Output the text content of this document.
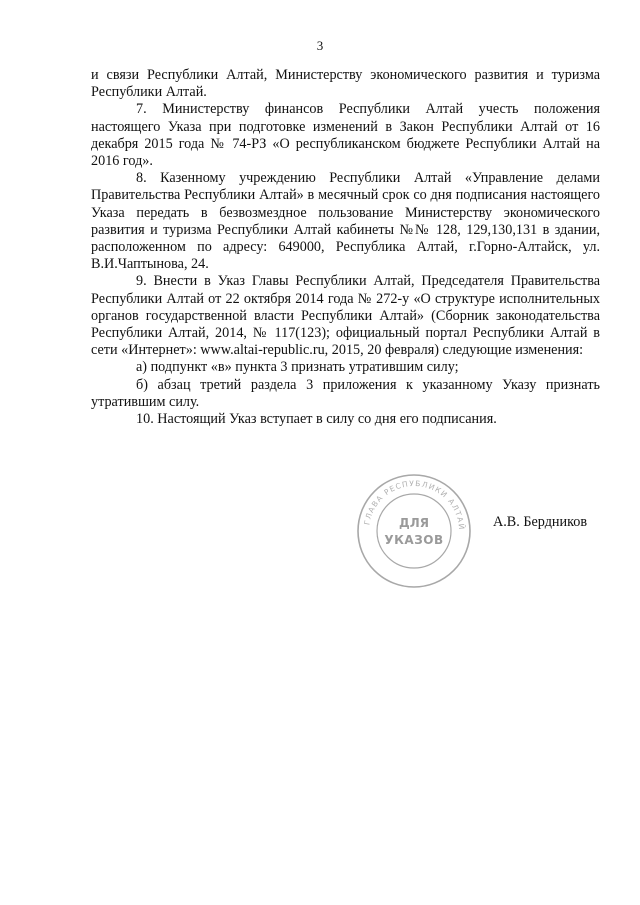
3

и связи Республики Алтай, Министерству экономического развития и туризма Республики Алтай.

7. Министерству финансов Республики Алтай учесть положения настоящего Указа при подготовке изменений в Закон Республики Алтай от 16 декабря 2015 года № 74-РЗ «О республиканском бюджете Республики Алтай на 2016 год».

8. Казенному учреждению Республики Алтай «Управление делами Правительства Республики Алтай» в месячный срок со дня подписания настоящего Указа передать в безвозмездное пользование Министерству экономического развития и туризма Республики Алтай кабинеты №№ 128, 129,130,131 в здании, расположенном по адресу: 649000, Республика Алтай, г.Горно-Алтайск, ул. В.И.Чаптынова, 24.

9. Внести в Указ Главы Республики Алтай, Председателя Правительства Республики Алтай от 22 октября 2014 года № 272-у «О структуре исполнительных органов государственной власти Республики Алтай» (Сборник законодательства Республики Алтай, 2014, № 117(123); официальный портал Республики Алтай в сети «Интернет»: www.altai-republic.ru, 2015, 20 февраля) следующие изменения:

а) подпункт «в» пункта 3 признать утратившим силу;

б) абзац третий раздела 3 приложения к указанному Указу признать утратившим силу.

10. Настоящий Указ вступает в силу со дня его подписания.

ГЛАВА РЕСПУБЛИКИ АЛТАЙ
ДЛЯ
УКАЗОВ
А.В. Бердников
